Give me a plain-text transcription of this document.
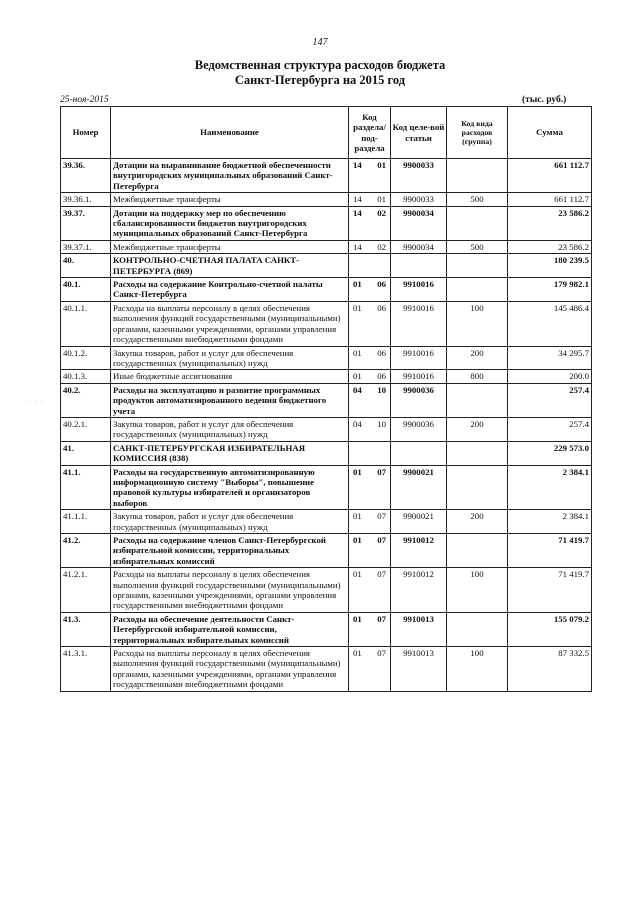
147
Ведомственная структура расходов бюджета
Санкт-Петербурга на 2015 год
25-ноя-2015	(тыс. руб.)
· · ·
Номер	Наименование	Код раздела/ под-раздела	Код целе-вой статьи	Код вида расходов (группа)	Сумма
39.36.	Дотации на выравнивание бюджетной обеспеченности внутригородских муниципальных образований Санкт-Петербурга	14 01	9900033		661 112.7
39.36.1.	Межбюджетные трансферты	14 01	9900033	500	661 112.7
39.37.	Дотации на поддержку мер по обеспечению сбалансированности бюджетов внутригородских муниципальных образований Санкт-Петербурга	14 02	9900034		23 586.2
39.37.1.	Межбюджетные трансферты	14 02	9900034	500	23 586.2
40.	КОНТРОЛЬНО-СЧЕТНАЯ ПАЛАТА САНКТ-ПЕТЕРБУРГА (869)				180 239.5
40.1.	Расходы на содержание Контрольно-счетной палаты Санкт-Петербурга	01 06	9910016		179 982.1
40.1.1.	Расходы на выплаты персоналу в целях обеспечения выполнения функций государственными (муниципальными) органами, казенными учреждениями, органами управления государственными внебюджетными фондами	01 06	9910016	100	145 486.4
40.1.2.	Закупка товаров, работ и услуг для обеспечения государственных (муниципальных) нужд	01 06	9910016	200	34 295.7
40.1.3.	Иные бюджетные ассигнования	01 06	9910016	800	200.0
40.2.	Расходы на эксплуатацию и развитие программных продуктов автоматизированного ведения бюджетного учета	04 10	9900036		257.4
40.2.1.	Закупка товаров, работ и услуг для обеспечения государственных (муниципальных) нужд	04 10	9900036	200	257.4
41.	САНКТ-ПЕТЕРБУРГСКАЯ ИЗБИРАТЕЛЬНАЯ КОМИССИЯ (838)				229 573.0
41.1.	Расходы на государственную автоматизированную информационную систему "Выборы", повышение правовой культуры избирателей и организаторов выборов	01 07	9900021		2 384.1
41.1.1.	Закупка товаров, работ и услуг для обеспечения государственных (муниципальных) нужд	01 07	9900021	200	2 384.1
41.2.	Расходы на содержание членов Санкт-Петербургской избирательной комиссии, территориальных избирательных комиссий	01 07	9910012		71 419.7
41.2.1.	Расходы на выплаты персоналу в целях обеспечения выполнения функций государственными (муниципальными) органами, казенными учреждениями, органами управления государственными внебюджетными фондами	01 07	9910012	100	71 419.7
41.3.	Расходы на обеспечение деятельности Санкт-Петербургской избирательной комиссии, территориальных избирательных комиссий	01 07	9910013		155 079.2
41.3.1.	Расходы на выплаты персоналу в целях обеспечения выполнения функций государственными (муниципальными) органами, казенными учреждениями, органами управления государственными внебюджетными фондами	01 07	9910013	100	87 332.5
